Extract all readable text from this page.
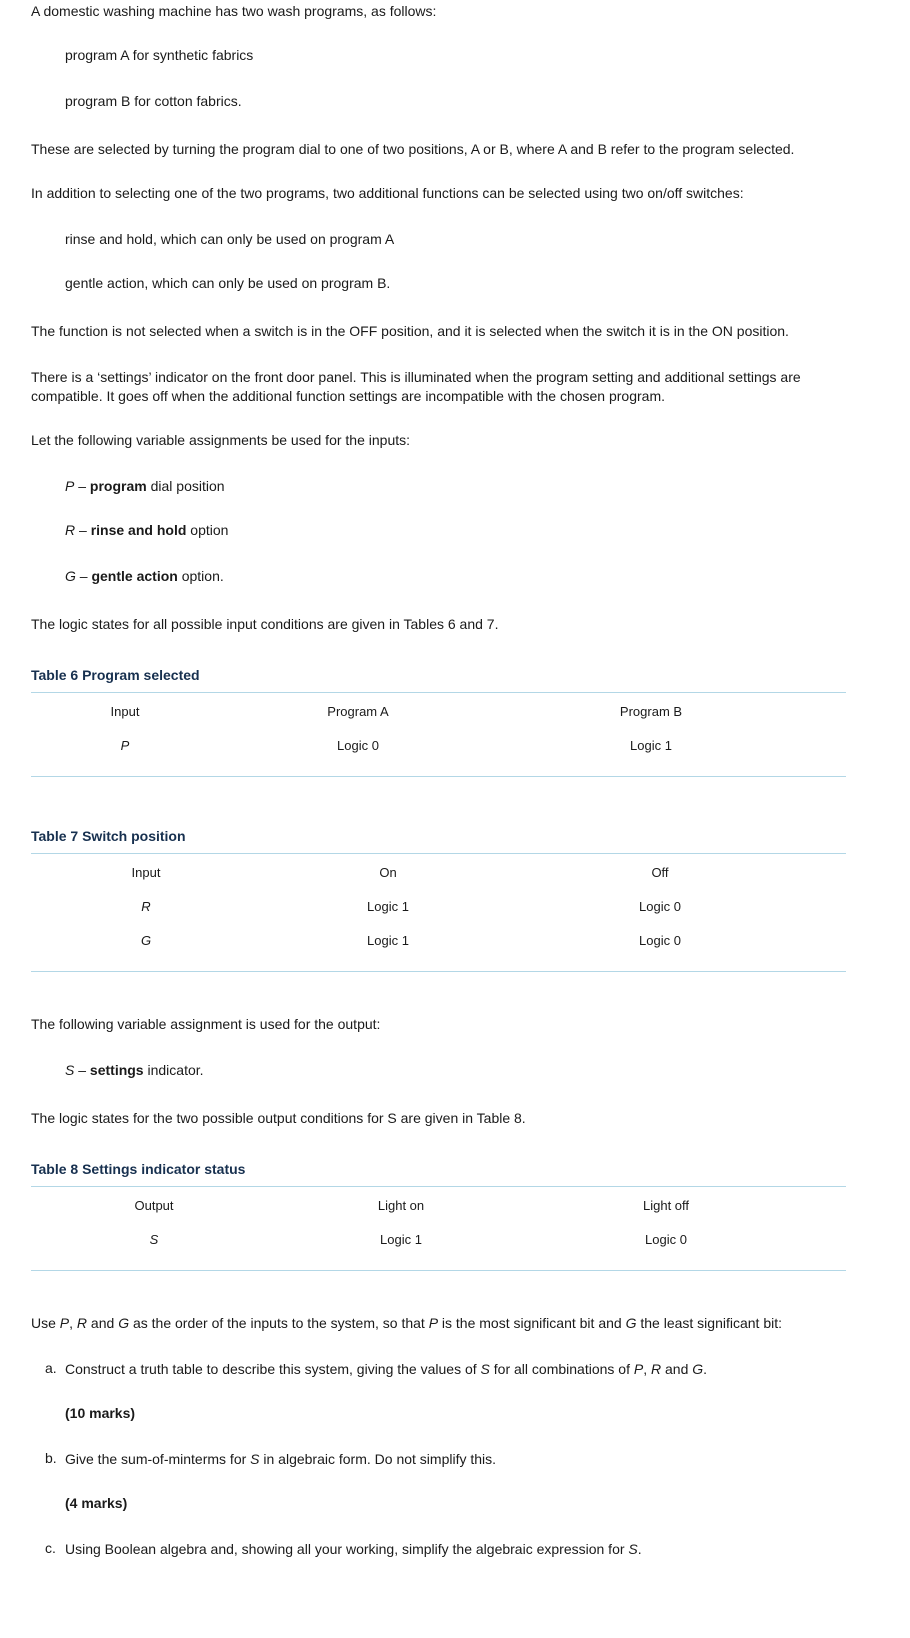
A domestic washing machine has two wash programs, as follows:

program A for synthetic fabrics

program B for cotton fabrics.

These are selected by turning the program dial to one of two positions, A or B, where A and B refer to the program selected.

In addition to selecting one of the two programs, two additional functions can be selected using two on/off switches:

rinse and hold, which can only be used on program A

gentle action, which can only be used on program B.

The function is not selected when a switch is in the OFF position, and it is selected when the switch it is in the ON position.

There is a ‘settings’ indicator on the front door panel. This is illuminated when the program setting and additional settings are compatible. It goes off when the additional function settings are incompatible with the chosen program.

Let the following variable assignments be used for the inputs:

P – program dial position

R – rinse and hold option

G – gentle action option.

The logic states for all possible input conditions are given in Tables 6 and 7.

Table 6 Program selected

Input	Program A	Program B
P	Logic 0	Logic 1

Table 7 Switch position

Input	On	Off
R	Logic 1	Logic 0
G	Logic 1	Logic 0

The following variable assignment is used for the output:

S – settings indicator.

The logic states for the two possible output conditions for S are given in Table 8.

Table 8 Settings indicator status

Output	Light on	Light off
S	Logic 1	Logic 0

Use P, R and G as the order of the inputs to the system, so that P is the most significant bit and G the least significant bit:

a. Construct a truth table to describe this system, giving the values of S for all combinations of P, R and G.

(10 marks)

b. Give the sum-of-minterms for S in algebraic form. Do not simplify this.

(4 marks)

c. Using Boolean algebra and, showing all your working, simplify the algebraic expression for S.
